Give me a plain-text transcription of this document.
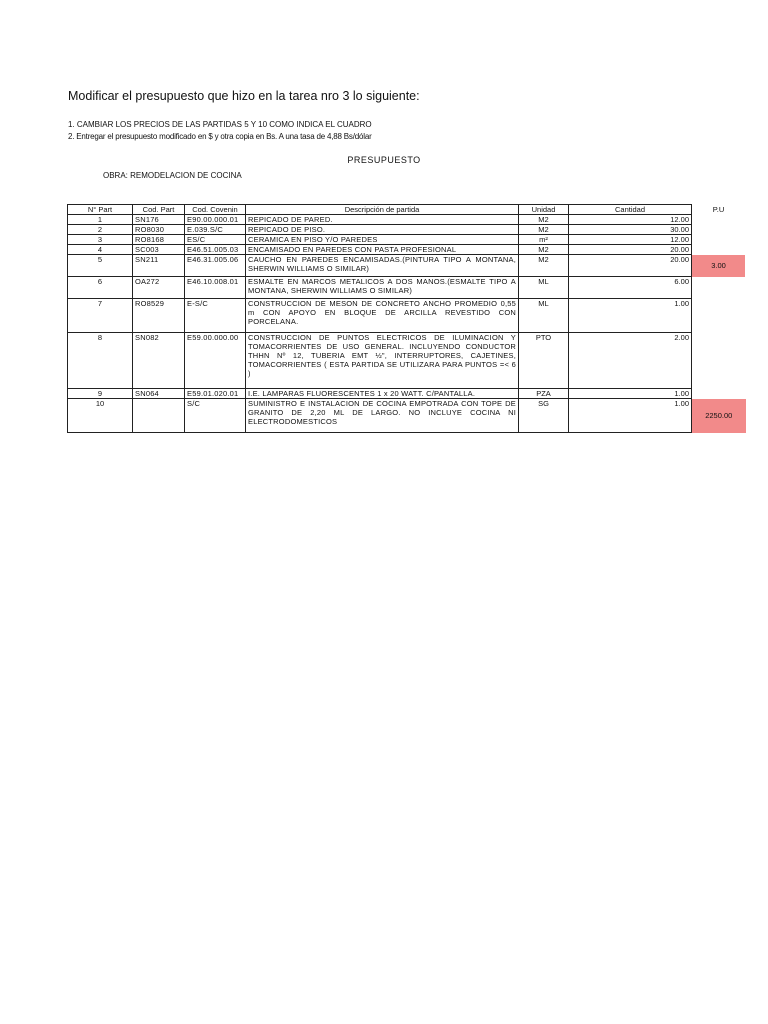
Modificar el presupuesto que hizo en la tarea nro 3 lo siguiente:
1. CAMBIAR LOS PRECIOS DE LAS PARTIDAS 5 Y 10 COMO INDICA EL CUADRO
2. Entregar el presupuesto modificado en $ y otra copia en Bs. A una tasa de 4,88 Bs/dólar
PRESUPUESTO
OBRA: REMODELACION DE COCINA
N° Part	Cod. Part	Cod. Covenin	Descripción de partida	Unidad	Cantidad	P.U
1	SN176	E90.00.000.01	REPICADO DE PARED.	M2	12.00	
2	RO8030	E.039.S/C	REPICADO DE PISO.	M2	30.00	
3	RO8168	ES/C	CERAMICA EN PISO Y/O PAREDES	m²	12.00	
4	SC003	E46.51.005.03	ENCAMISADO EN PAREDES CON PASTA PROFESIONAL	M2	20.00	
5	SN211	E46.31.005.06	CAUCHO EN PAREDES ENCAMISADAS.(PINTURA TIPO A MONTANA, SHERWIN WILLIAMS O SIMILAR)	M2	20.00	3.00
6	OA272	E46.10.008.01	ESMALTE EN MARCOS METALICOS A DOS MANOS.(ESMALTE TIPO A MONTANA, SHERWIN WILLIAMS O SIMILAR)	ML	6.00	
7	RO8529	E-S/C	CONSTRUCCION DE MESON DE CONCRETO ANCHO PROMEDIO 0,55 m CON APOYO EN BLOQUE DE ARCILLA REVESTIDO CON PORCELANA.	ML	1.00	
8	SN082	E59.00.000.00	CONSTRUCCION DE PUNTOS ELECTRICOS DE ILUMINACION Y TOMACORRIENTES DE USO GENERAL. INCLUYENDO CONDUCTOR THHN Nº 12, TUBERIA EMT ½", INTERRUPTORES, CAJETINES, TOMACORRIENTES ( ESTA PARTIDA SE UTILIZARA PARA PUNTOS =< 6 )	PTO	2.00	
9	SN064	E59.01.020.01	I.E. LAMPARAS FLUORESCENTES 1 x 20 WATT. C/PANTALLA.	PZA	1.00	
10		S/C	SUMINISTRO E INSTALACION DE COCINA EMPOTRADA CON TOPE DE GRANITO DE 2,20 ML DE LARGO. NO INCLUYE COCINA NI ELECTRODOMESTICOS	SG	1.00	2250.00
